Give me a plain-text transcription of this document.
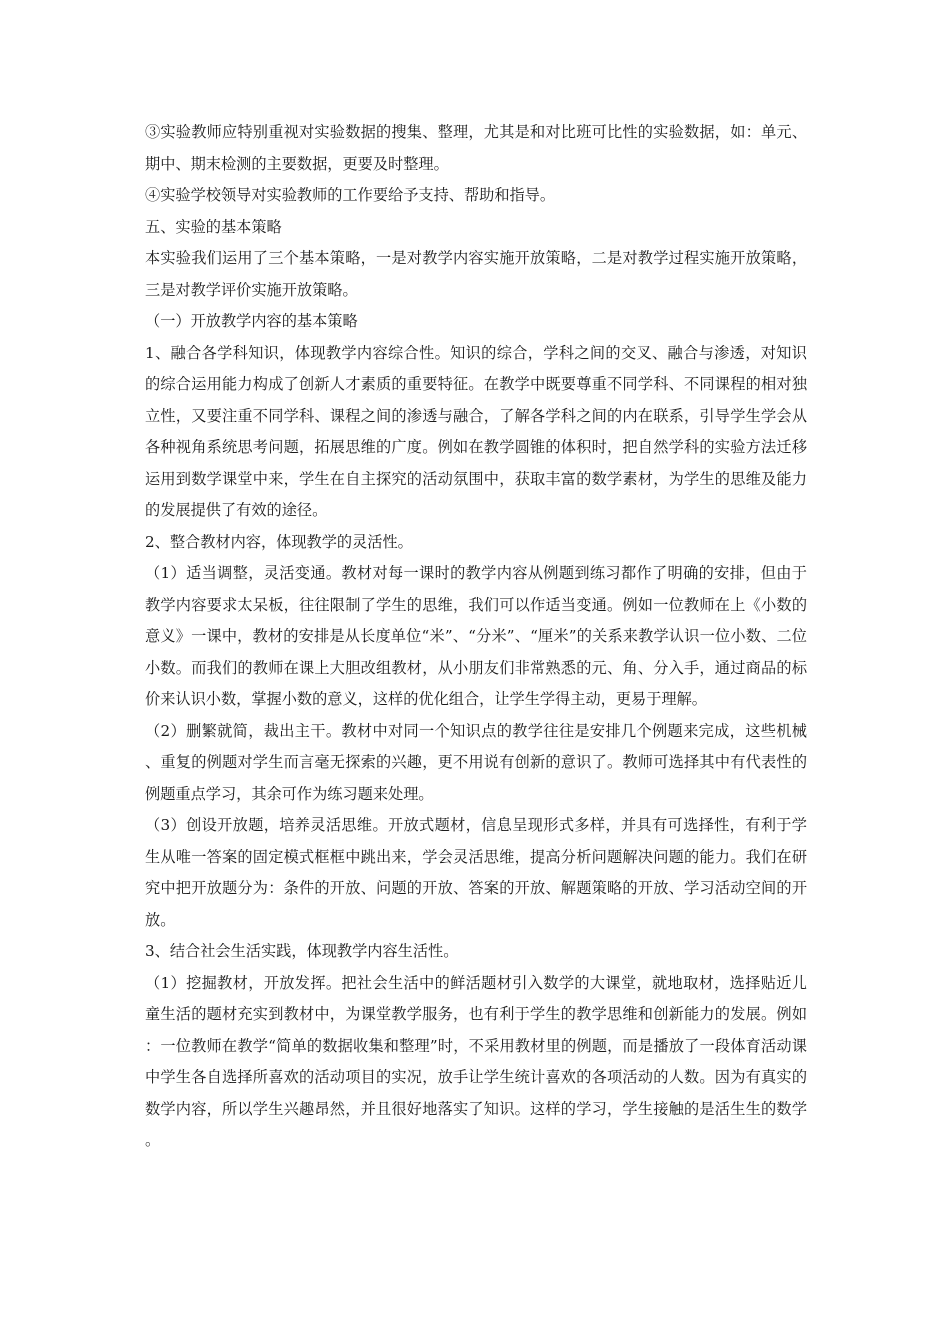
③实验教师应特别重视对实验数据的搜集、整理，尤其是和对比班可比性的实验数据，如：单元、期中、期末检测的主要数据，更要及时整理。

④实验学校领导对实验教师的工作要给予支持、帮助和指导。

五、实验的基本策略

本实验我们运用了三个基本策略，一是对教学内容实施开放策略，二是对教学过程实施开放策略，三是对教学评价实施开放策略。

（一）开放教学内容的基本策略

1、融合各学科知识，体现教学内容综合性。知识的综合，学科之间的交叉、融合与渗透，对知识的综合运用能力构成了创新人才素质的重要特征。在教学中既要尊重不同学科、不同课程的相对独立性，又要注重不同学科、课程之间的渗透与融合，了解各学科之间的内在联系，引导学生学会从各种视角系统思考问题，拓展思维的广度。例如在教学圆锥的体积时，把自然学科的实验方法迁移运用到数学课堂中来，学生在自主探究的活动氛围中，获取丰富的数学素材，为学生的思维及能力的发展提供了有效的途径。

2、整合教材内容，体现教学的灵活性。

（1）适当调整，灵活变通。教材对每一课时的教学内容从例题到练习都作了明确的安排，但由于教学内容要求太呆板，往往限制了学生的思维，我们可以作适当变通。例如一位教师在上《小数的意义》一课中，教材的安排是从长度单位“米”、“分米”、“厘米”的关系来教学认识一位小数、二位小数。而我们的教师在课上大胆改组教材，从小朋友们非常熟悉的元、角、分入手，通过商品的标价来认识小数，掌握小数的意义，这样的优化组合，让学生学得主动，更易于理解。

（2）删繁就简，裁出主干。教材中对同一个知识点的教学往往是安排几个例题来完成，这些机械、重复的例题对学生而言毫无探索的兴趣，更不用说有创新的意识了。教师可选择其中有代表性的例题重点学习，其余可作为练习题来处理。

（3）创设开放题，培养灵活思维。开放式题材，信息呈现形式多样，并具有可选择性，有利于学生从唯一答案的固定模式框框中跳出来，学会灵活思维，提高分析问题解决问题的能力。我们在研究中把开放题分为：条件的开放、问题的开放、答案的开放、解题策略的开放、学习活动空间的开放。

3、结合社会生活实践，体现教学内容生活性。

（1）挖掘教材，开放发挥。把社会生活中的鲜活题材引入数学的大课堂，就地取材，选择贴近儿童生活的题材充实到教材中，为课堂教学服务，也有利于学生的教学思维和创新能力的发展。例如：一位教师在教学“简单的数据收集和整理”时，不采用教材里的例题，而是播放了一段体育活动课中学生各自选择所喜欢的活动项目的实况，放手让学生统计喜欢的各项活动的人数。因为有真实的数学内容，所以学生兴趣昂然，并且很好地落实了知识。这样的学习，学生接触的是活生生的数学。
